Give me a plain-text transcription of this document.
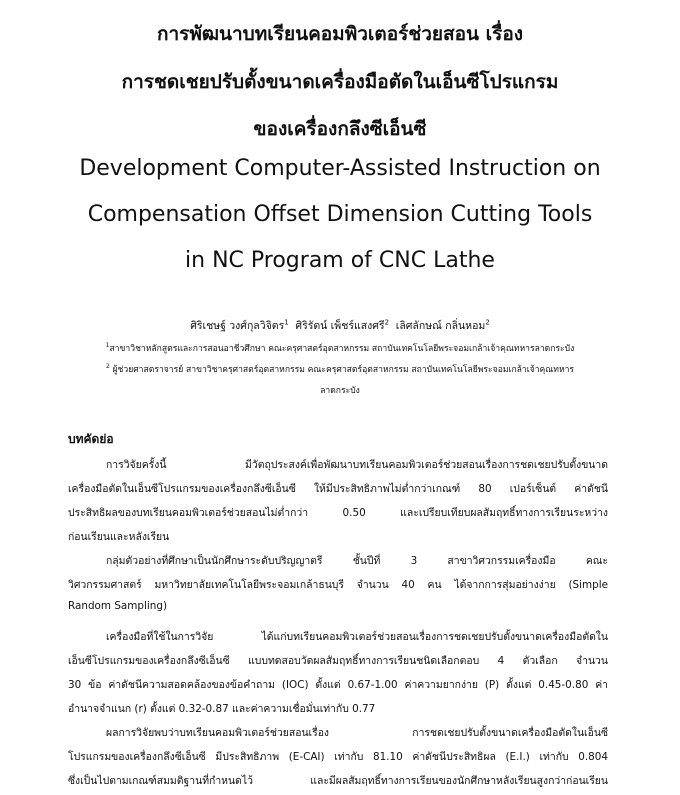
การพัฒนาบทเรียนคอมพิวเตอร์ช่วยสอน เรื่อง
การชดเชยปรับตั้งขนาดเครื่องมือตัดในเอ็นซีโปรแกรม
ของเครื่องกลึงซีเอ็นซี
Development Computer-Assisted Instruction on
Compensation Offset Dimension Cutting Tools
in NC Program of CNC Lathe
ศิริเชษฐ์ วงศ์กุลวิจิตร$^1$ ศิริรัตน์ เพ็ชร์แสงศรี$^2$ เลิศลักษณ์ กลิ่นหอม$^2$
$^1$สาขาวิชาหลักสูตรและการสอนอาชีวศึกษา คณะครุศาสตร์อุตสาหกรรม สถาบันเทคโนโลยีพระจอมเกล้าเจ้าคุณทหารลาดกระบัง
$^2$ ผู้ช่วยศาสตราจารย์ สาขาวิชาครุศาสตร์อุตสาหกรรม คณะครุศาสตร์อุตสาหกรรม สถาบันเทคโนโลยีพระจอมเกล้าเจ้าคุณทหาร
ลาดกระบัง
บทคัดย่อ
การวิจัยครั้งนี้ มีวัตถุประสงค์เพื่อพัฒนาบทเรียนคอมพิวเตอร์ช่วยสอนเรื่องการชดเชยปรับตั้งขนาด
เครื่องมือตัดในเอ็นซีโปรแกรมของเครื่องกลึงซีเอ็นซี ให้มีประสิทธิภาพไม่ต่ำกว่าเกณฑ์ 80 เปอร์เซ็นต์ ค่าดัชนี
ประสิทธิผลของบทเรียนคอมพิวเตอร์ช่วยสอนไม่ต่ำกว่า 0.50 และเปรียบเทียบผลสัมฤทธิ์ทางการเรียนระหว่าง
ก่อนเรียนและหลังเรียน
กลุ่มตัวอย่างที่ศึกษาเป็นนักศึกษาระดับปริญญาตรี ชั้นปีที่ 3 สาขาวิศวกรรมเครื่องมือ คณะ
วิศวกรรมศาสตร์ มหาวิทยาลัยเทคโนโลยีพระจอมเกล้าธนบุรี จำนวน 40 คน ได้จากการสุ่มอย่างง่าย (Simple
Random Sampling)
เครื่องมือที่ใช้ในการวิจัย ได้แก่บทเรียนคอมพิวเตอร์ช่วยสอนเรื่องการชดเชยปรับตั้งขนาดเครื่องมือตัดใน
เอ็นซีโปรแกรมของเครื่องกลึงซีเอ็นซี แบบทดสอบวัดผลสัมฤทธิ์ทางการเรียนชนิดเลือกตอบ 4 ตัวเลือก จำนวน
30 ข้อ ค่าดัชนีความสอดคล้องของข้อคำถาม (IOC) ตั้งแต่ 0.67-1.00 ค่าความยากง่าย (P) ตั้งแต่ 0.45-0.80 ค่า
อำนาจจำแนก (r) ตั้งแต่ 0.32-0.87 และค่าความเชื่อมั่นเท่ากับ 0.77
ผลการวิจัยพบว่าบทเรียนคอมพิวเตอร์ช่วยสอนเรื่อง การชดเชยปรับตั้งขนาดเครื่องมือตัดในเอ็นซี
โปรแกรมของเครื่องกลึงซีเอ็นซี มีประสิทธิภาพ (E-CAI) เท่ากับ 81.10 ค่าดัชนีประสิทธิผล (E.I.) เท่ากับ 0.804
ซึ่งเป็นไปตามเกณฑ์สมมติฐานที่กำหนดไว้ และมีผลสัมฤทธิ์ทางการเรียนของนักศึกษาหลังเรียนสูงกว่าก่อนเรียน
